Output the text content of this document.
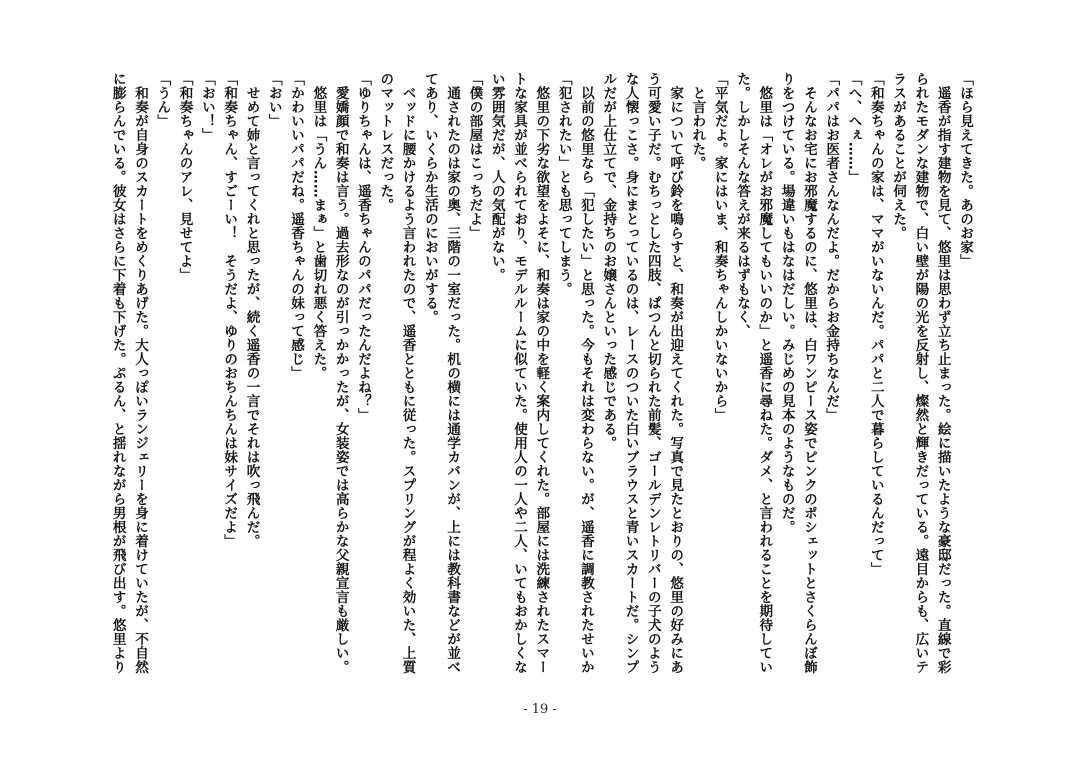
「ほら見えてきた。あのお家」
　遥香が指す建物を見て、悠里は思わず立ち止まった。絵に描いたような豪邸だった。直線で彩
られたモダンな建物で、白い壁が陽の光を反射し、燦然と輝きだっている。遠目からも、広いテ
ラスがあることが伺えた。
「和奏ちゃんの家は、ママがいないんだ。パパと二人で暮らしているんだって」
「へ、へぇ……」
「パパはお医者さんなんだよ。だからお金持ちなんだ」
　そんなお宅にお邪魔するのに、悠里は、白ワンピース姿でピンクのポシェットとさくらんぼ飾
りをつけている。場違いもはなはだしい。みじめの見本のようなものだ。
　悠里は「オレがお邪魔してもいいのか」と遥香に尋ねた。ダメ、と言われることを期待してい
た。しかしそんな答えが来るはずもなく、
「平気だよ。家にはいま、和奏ちゃんしかいないから」
　と言われた。
　家について呼び鈴を鳴らすと、和奏が出迎えてくれた。写真で見たとおりの、悠里の好みにあ
う可愛い子だ。むちっとした四肢、ぱつんと切られた前髪、ゴールデンレトリバーの子犬のよう
な人懐っこさ。身にまとっているのは、レースのついた白いブラウスと青いスカートだ。シンプ
ルだが上仕立てで、金持ちのお嬢さんといった感じである。
　以前の悠里なら「犯したい」と思った。今もそれは変わらない。が、遥香に調教されたせいか
「犯されたい」とも思ってしまう。
　悠里の下劣な欲望をよそに、和奏は家の中を軽く案内してくれた。部屋には洗練されたスマー
トな家具が並べられており、モデルルームに似ていた。使用人の一人や二人、いてもおかしくな
い雰囲気だが、人の気配がない。
「僕の部屋はこっちだよ」
　通されたのは家の奥、三階の一室だった。机の横には通学カバンが、上には教科書などが並べ
てあり、いくらか生活のにおいがする。
　ベッドに腰かけるよう言われたので、遥香とともに従った。スプリングが程よく効いた、上質
のマットレスだった。
「ゆりちゃんは、遥香ちゃんのパパだったんだよね？」
　愛嬌顔で和奏は言う。過去形なのが引っかかったが、女装姿では高らかな父親宣言も厳しい。
　悠里は「うん……まぁ」と歯切れ悪く答えた。
「かわいいパパだね。遥香ちゃんの妹って感じ」
「おい」
　せめて姉と言ってくれと思ったが、続く遥香の一言でそれは吹っ飛んだ。
「和奏ちゃん、すごーい！　そうだよ、ゆりのおちんちんは妹サイズだよ」
「おい！」
「和奏ちゃんのアレ、見せてよ」
「うん」
　和奏が自身のスカートをめくりあげた。大人っぽいランジェリーを身に着けていたが、不自然
に膨らんでいる。彼女はさらに下着も下げた。ぷるん、と揺れながら男根が飛び出す。悠里より
- 19 -
